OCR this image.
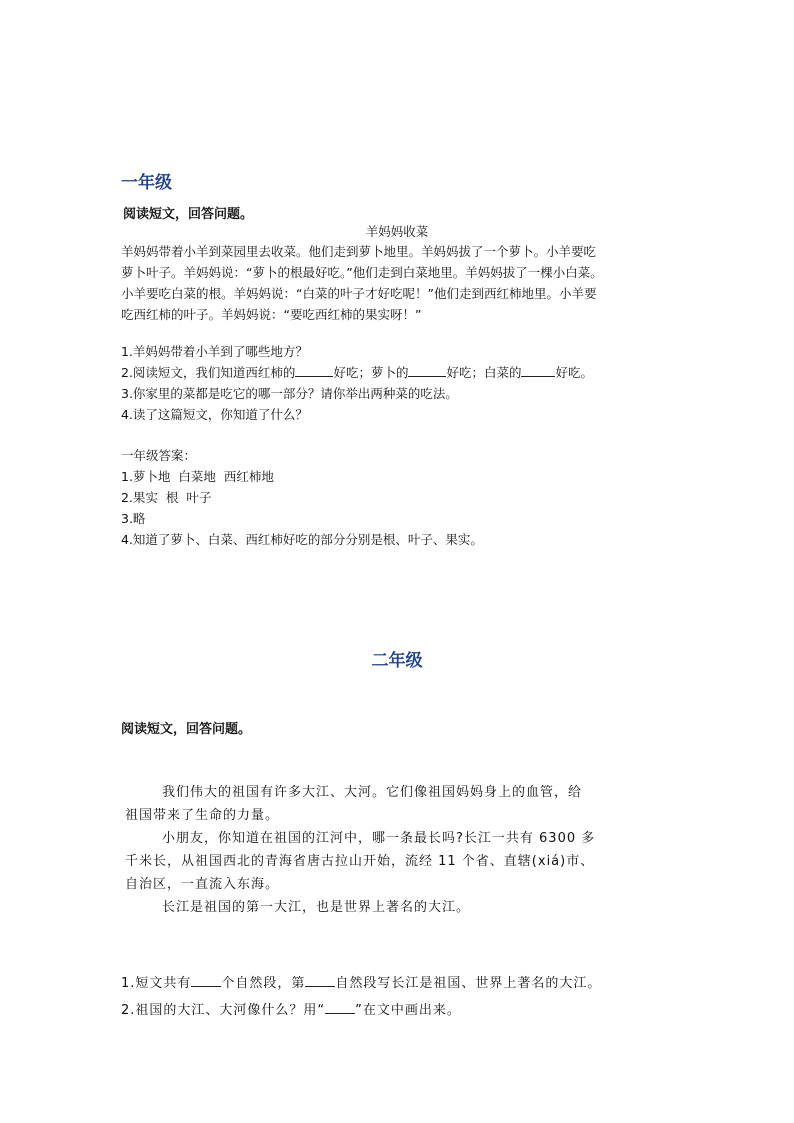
一年级
阅读短文，回答问题。
羊妈妈收菜
羊妈妈带着小羊到菜园里去收菜。他们走到萝卜地里。羊妈妈拔了一个萝卜。小羊要吃
萝卜叶子。羊妈妈说：“萝卜的根最好吃。”他们走到白菜地里。羊妈妈拔了一棵小白菜。
小羊要吃白菜的根。羊妈妈说：“白菜的叶子才好吃呢！”他们走到西红柿地里。小羊要
吃西红柿的叶子。羊妈妈说：“要吃西红柿的果实呀！”
1.羊妈妈带着小羊到了哪些地方？
2.阅读短文，我们知道西红柿的	好吃；萝卜的	好吃；白菜的	好吃。
3.你家里的菜都是吃它的哪一部分？请你举出两种菜的吃法。
4.读了这篇短文，你知道了什么？
一年级答案：
1.萝卜地  白菜地  西红柿地
2.果实  根  叶子
3.略
4.知道了萝卜、白菜、西红柿好吃的部分分别是根、叶子、果实。
二年级
阅读短文，回答问题。
我们伟大的祖国有许多大江、大河。它们像祖国妈妈身上的血管，给
祖国带来了生命的力量。
小朋友，你知道在祖国的江河中，哪一条最长吗?长江一共有 6300 多
千米长，从祖国西北的青海省唐古拉山开始，流经 11 个省、直辖(xiá)市、
自治区，一直流入东海。
长江是祖国的第一大江，也是世界上著名的大江。
1.短文共有 个自然段，第 自然段写长江是祖国、世界上著名的大江。
2.祖国的大江、大河像什么？用“ ”在文中画出来。
